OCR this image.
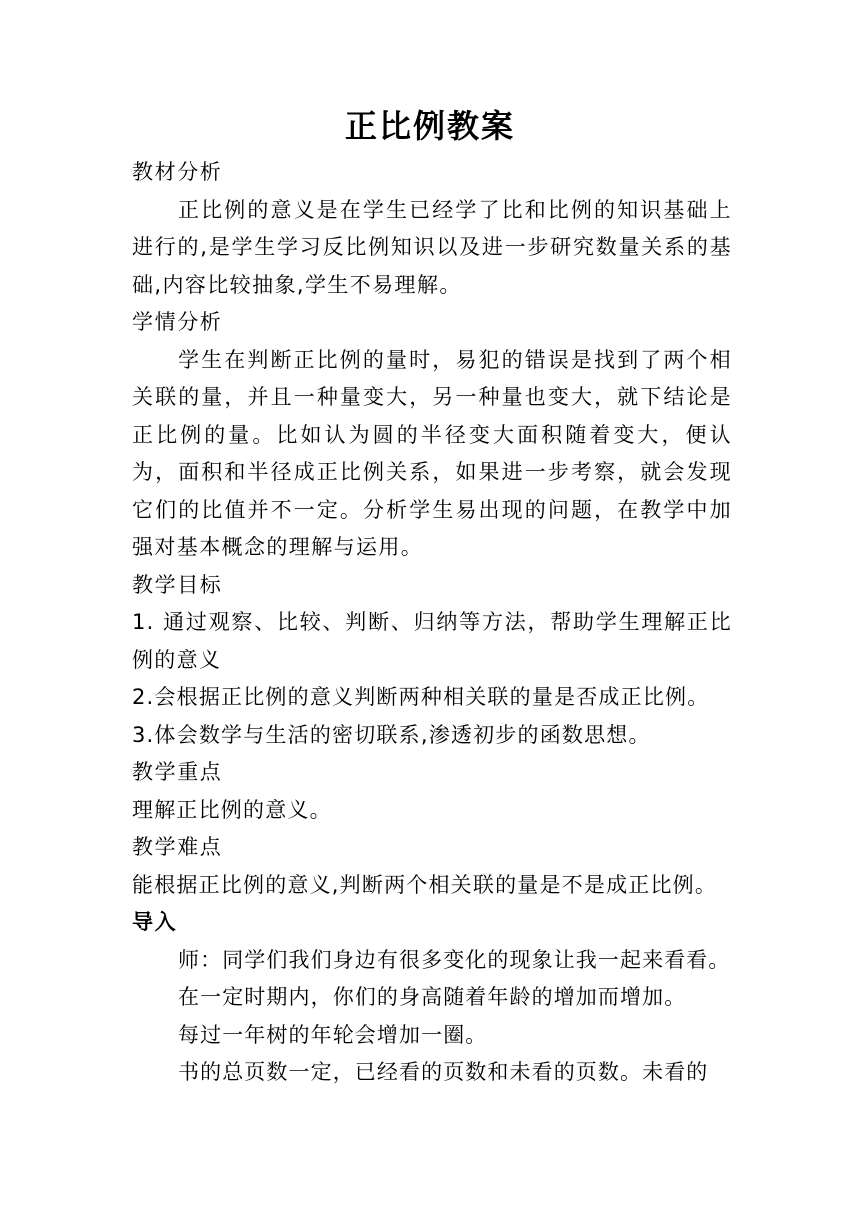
正比例教案
教材分析

正比例的意义是在学生已经学了比和比例的知识基础上进行的,是学生学习反比例知识以及进一步研究数量关系的基础,内容比较抽象,学生不易理解。

学情分析

学生在判断正比例的量时，易犯的错误是找到了两个相关联的量，并且一种量变大，另一种量也变大，就下结论是正比例的量。比如认为圆的半径变大面积随着变大，便认为，面积和半径成正比例关系，如果进一步考察，就会发现它们的比值并不一定。分析学生易出现的问题，在教学中加强对基本概念的理解与运用。

教学目标

1. 通过观察、比较、判断、归纳等方法，帮助学生理解正比例的意义

2.会根据正比例的意义判断两种相关联的量是否成正比例。
3.体会数学与生活的密切联系,渗透初步的函数思想。
教学重点
理解正比例的意义。
教学难点
能根据正比例的意义,判断两个相关联的量是不是成正比例。
导入
师：同学们我们身边有很多变化的现象让我一起来看看。
在一定时期内，你们的身高随着年龄的增加而增加。
每过一年树的年轮会增加一圈。
书的总页数一定，已经看的页数和未看的页数。未看的
